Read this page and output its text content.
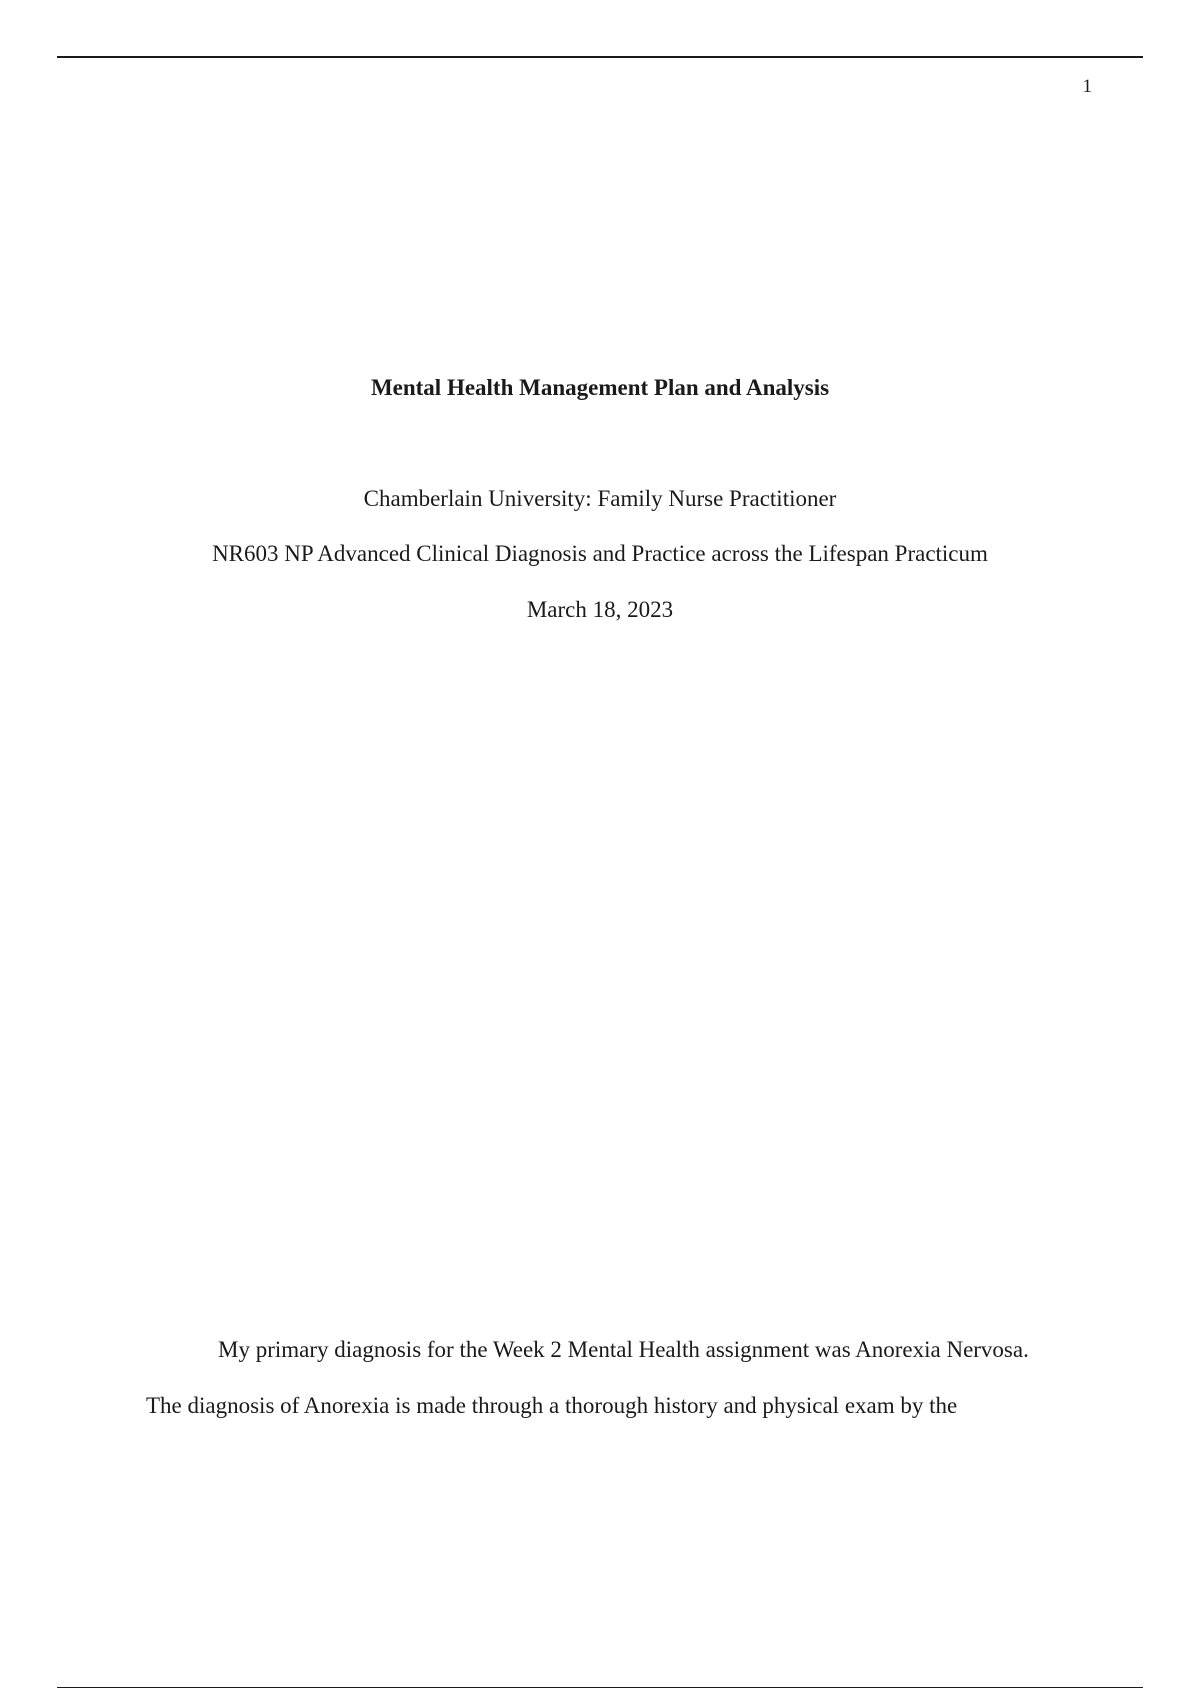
1
Mental Health Management Plan and Analysis
Chamberlain University: Family Nurse Practitioner
NR603 NP Advanced Clinical Diagnosis and Practice across the Lifespan Practicum
March 18, 2023
My primary diagnosis for the Week 2 Mental Health assignment was Anorexia Nervosa.
The diagnosis of Anorexia is made through a thorough history and physical exam by the
